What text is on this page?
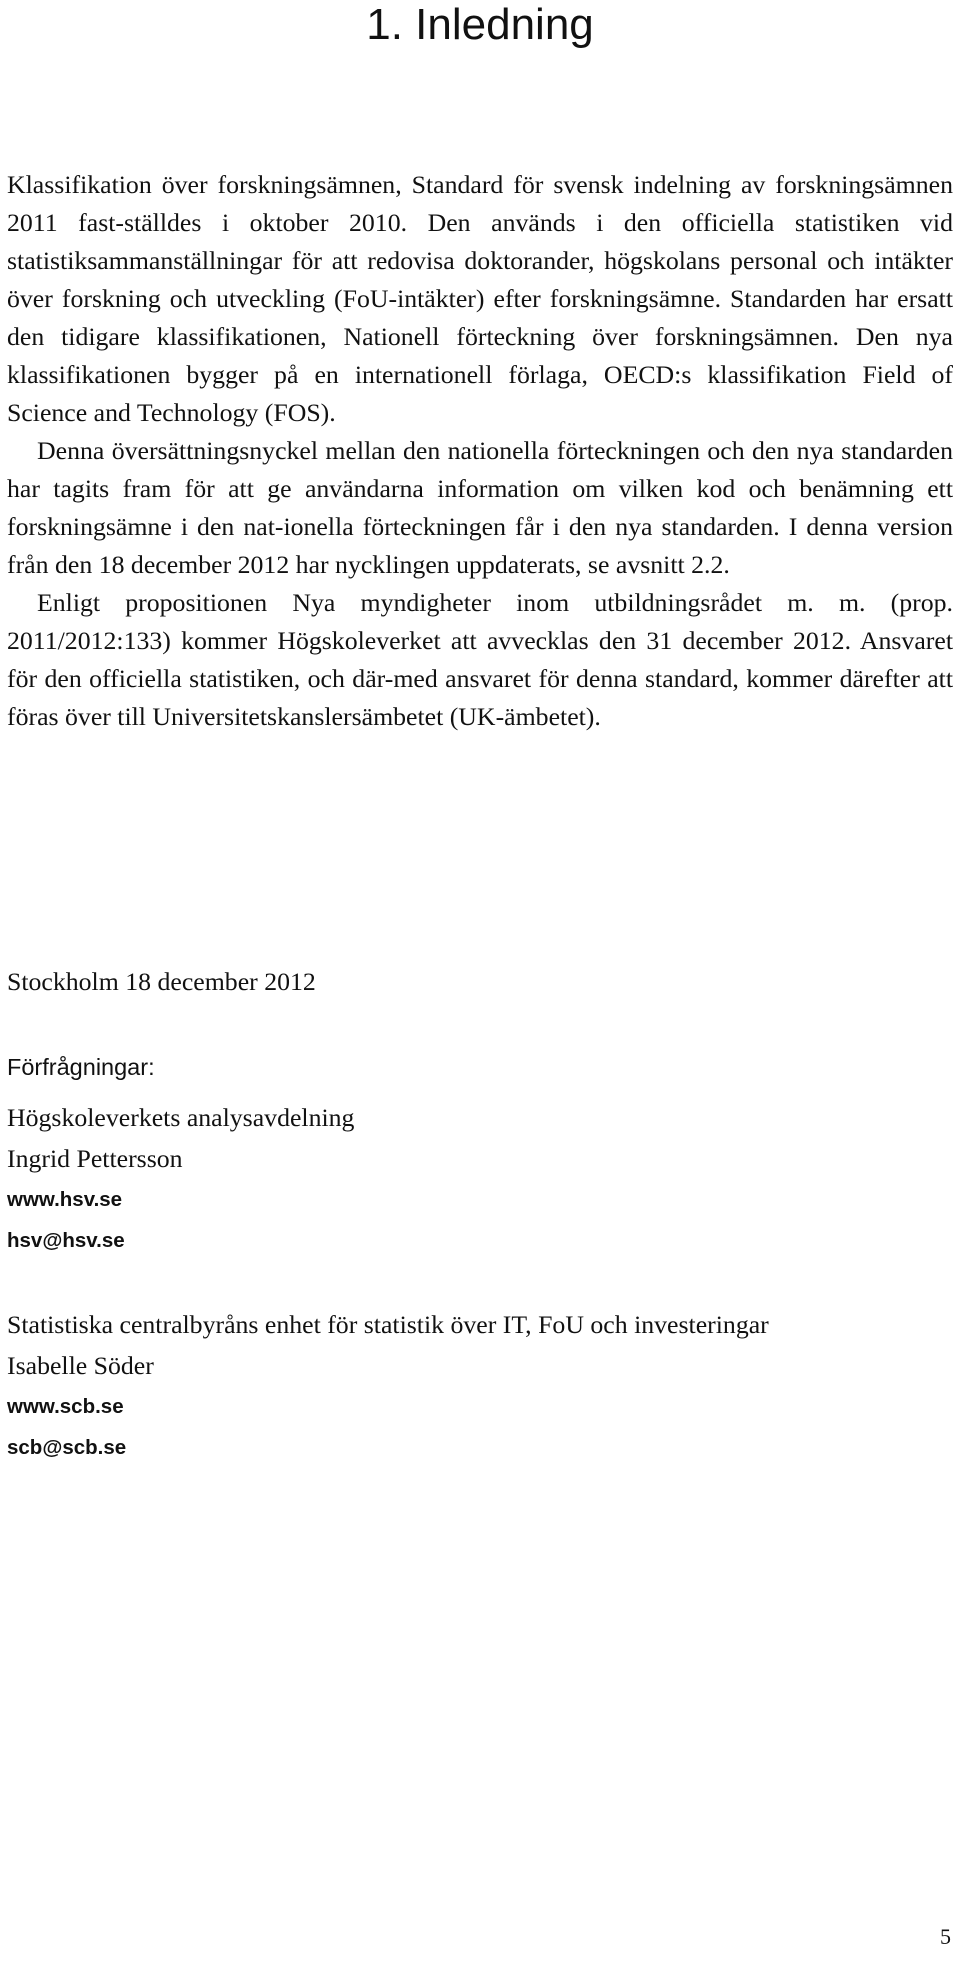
1. Inledning

Klassifikation över forskningsämnen, Standard för svensk indelning av forskningsämnen 2011 fast-ställdes i oktober 2010. Den används i den officiella statistiken vid statistiksammanställningar för att redovisa doktorander, högskolans personal och intäkter över forskning och utveckling (FoU-intäkter) efter forskningsämne. Standarden har ersatt den tidigare klassifikationen, Nationell förteckning över forskningsämnen. Den nya klassifikationen bygger på en internationell förlaga, OECD:s klassifikation Field of Science and Technology (FOS).

Denna översättningsnyckel mellan den nationella förteckningen och den nya standarden har tagits fram för att ge användarna information om vilken kod och benämning ett forskningsämne i den nat-ionella förteckningen får i den nya standarden. I denna version från den 18 december 2012 har nycklingen uppdaterats, se avsnitt 2.2.

Enligt propositionen Nya myndigheter inom utbildningsrådet m. m. (prop. 2011/2012:133) kommer Högskoleverket att avvecklas den 31 december 2012. Ansvaret för den officiella statistiken, och där-med ansvaret för denna standard, kommer därefter att föras över till Universitetskanslersämbetet (UK-ämbetet).

Stockholm 18 december 2012

Förfrågningar:
Högskoleverkets analysavdelning
Ingrid Pettersson
www.hsv.se
hsv@hsv.se
Statistiska centralbyråns enhet för statistik över IT, FoU och investeringar
Isabelle Söder
www.scb.se
scb@scb.se
5
